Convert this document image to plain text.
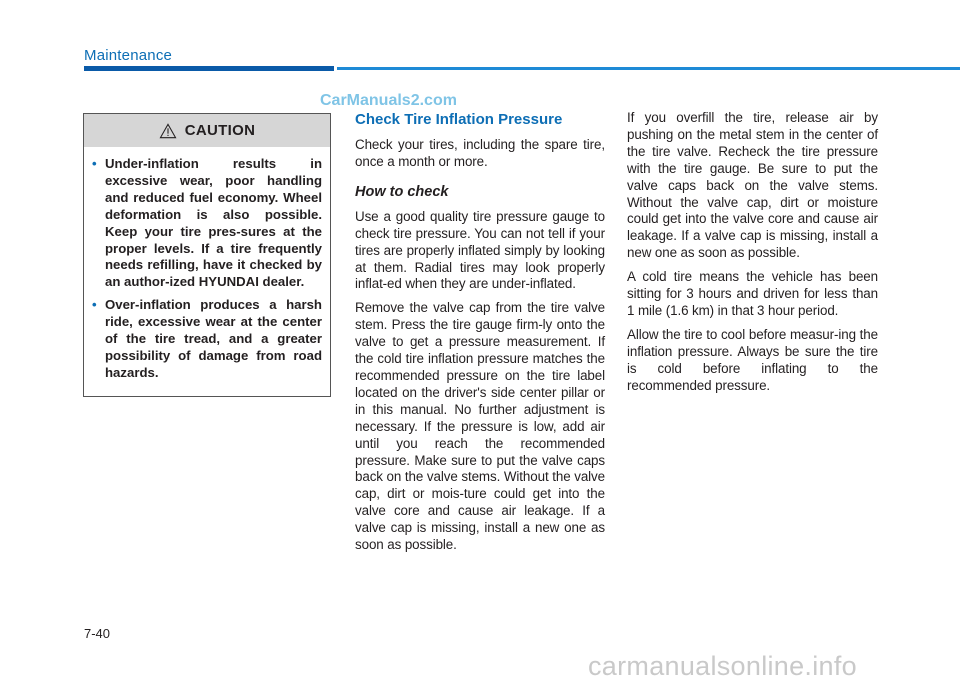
Maintenance
CarManuals2.com
CAUTION
• Under-inflation results in excessive wear, poor handling and reduced fuel economy. Wheel deformation is also possible. Keep your tire pres-sures at the proper levels. If a tire frequently needs refilling, have it checked by an author-ized HYUNDAI dealer.
• Over-inflation produces a harsh ride, excessive wear at the center of the tire tread, and a greater possibility of damage from road hazards.
Check Tire Inflation Pressure

Check your tires, including the spare tire, once a month or more.

How to check

Use a good quality tire pressure gauge to check tire pressure. You can not tell if your tires are properly inflated simply by looking at them. Radial tires may look properly inflat-ed when they are under-inflated.

Remove the valve cap from the tire valve stem. Press the tire gauge firm-ly onto the valve to get a pressure measurement. If the cold tire inflation pressure matches the recommended pressure on the tire label located on the driver's side center pillar or in this manual. No further adjustment is necessary. If the pressure is low, add air until you reach the recommended pressure. Make sure to put the valve caps back on the valve stems. Without the valve cap, dirt or mois-ture could get into the valve core and cause air leakage. If a valve cap is missing, install a new one as soon as possible.

If you overfill the tire, release air by pushing on the metal stem in the center of the tire valve. Recheck the tire pressure with the tire gauge. Be sure to put the valve caps back on the valve stems. Without the valve cap, dirt or moisture could get into the valve core and cause air leakage. If a valve cap is missing, install a new one as soon as possible.

A cold tire means the vehicle has been sitting for 3 hours and driven for less than 1 mile (1.6 km) in that 3 hour period.

Allow the tire to cool before measur-ing the inflation pressure. Always be sure the tire is cold before inflating to the recommended pressure.

7-40
carmanualsonline.info
